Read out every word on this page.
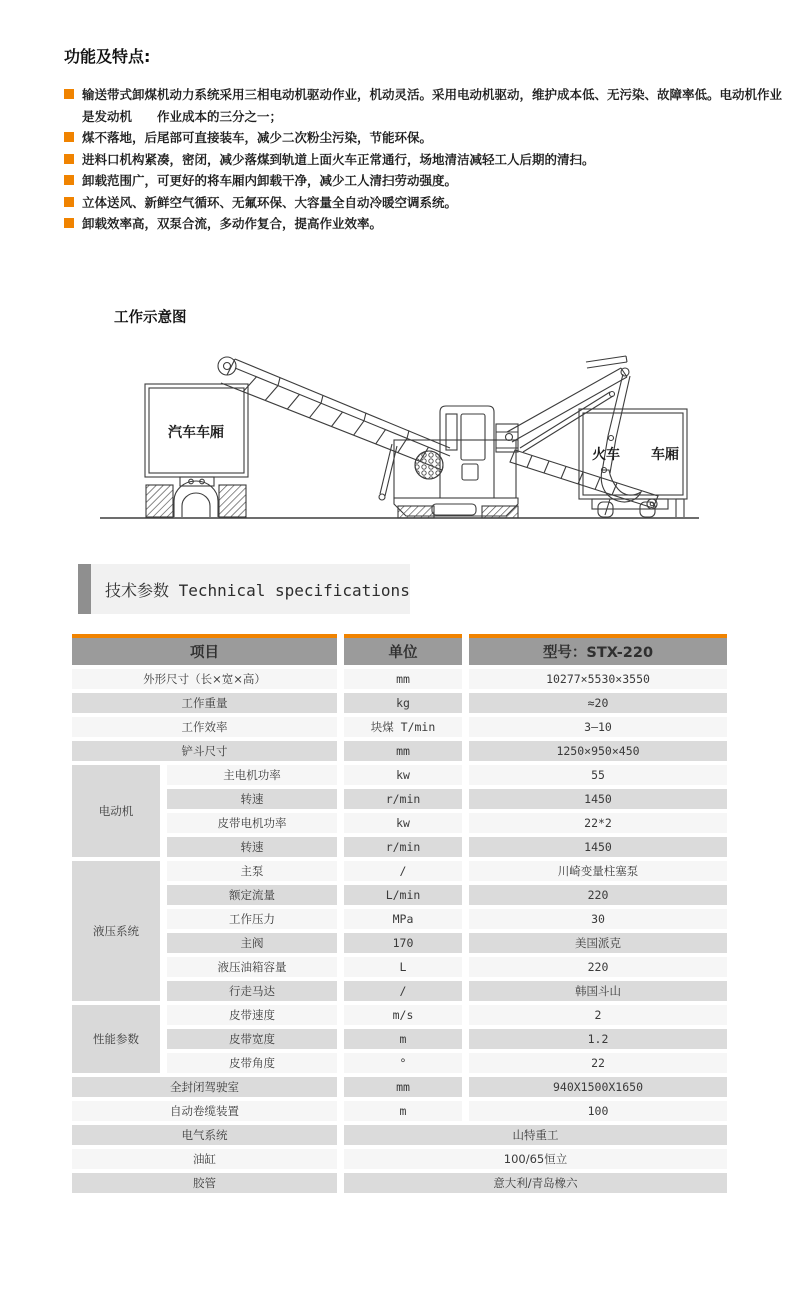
功能及特点:
输送带式卸煤机动力系统采用三相电动机驱动作业，机动灵活。采用电动机驱动，维护成本低、无污染、故障率低。电动机作业是发动机　　作业成本的三分之一；
煤不落地，后尾部可直接装车，减少二次粉尘污染，节能环保。
进料口机构紧凑，密闭，减少落煤到轨道上面火车正常通行，场地清洁减轻工人后期的清扫。
卸载范围广，可更好的将车厢内卸载干净，减少工人清扫劳动强度。
立体送风、新鲜空气循环、无氟环保、大容量全自动冷暖空调系统。
卸载效率高，双泵合流，多动作复合，提高作业效率。
工作示意图
汽车车厢
火车 车厢
技术参数 Technical specifications
项目		单位	型号：STX-220
外形尺寸（长×宽×高）		mm	10277×5530×3550
工作重量		kg	≈20
工作效率		块煤 T/min	3—10
铲斗尺寸		mm	1250×950×450
电动机	主电机功率	kw	55
	转速	r/min	1450
	皮带电机功率	kw	22*2
	转速	r/min	1450
液压系统	主泵	/	川崎变量柱塞泵
	额定流量	L/min	220
	工作压力	MPa	30
	主阀	170	美国派克
	液压油箱容量	L	220
	行走马达	/	韩国斗山
性能参数	皮带速度	m/s	2
	皮带宽度	m	1.2
	皮带角度	°	22
全封闭驾驶室		mm	940X1500X1650
自动卷缆装置		m	100
电气系统		山特重工	
油缸		100/65恒立	
胶管		意大利/青岛橡六	
